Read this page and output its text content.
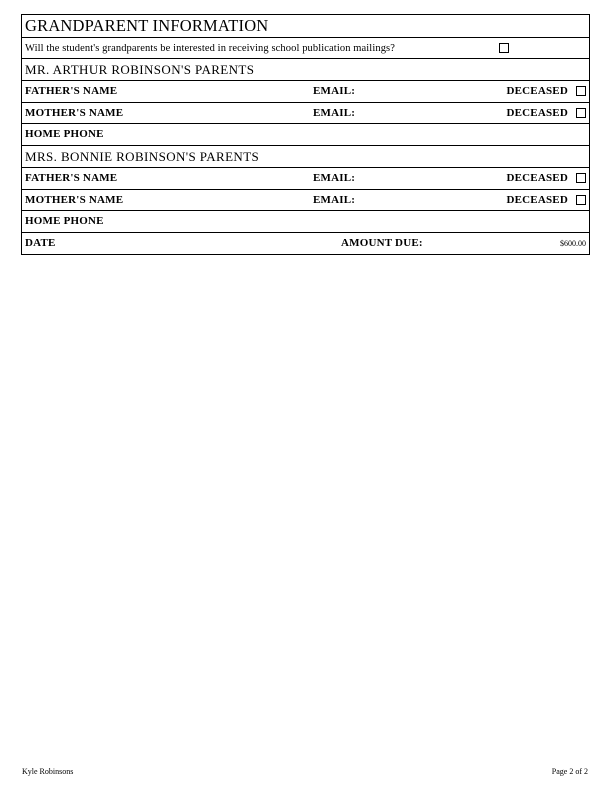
GRANDPARENT INFORMATION
Will the student's grandparents be interested in receiving school publication mailings?
MR. ARTHUR ROBINSON'S PARENTS
FATHER'S NAME	EMAIL:	DECEASED
MOTHER'S NAME	EMAIL:	DECEASED
HOME PHONE
MRS. BONNIE ROBINSON'S PARENTS
FATHER'S NAME	EMAIL:	DECEASED
MOTHER'S NAME	EMAIL:	DECEASED
HOME PHONE
DATE	AMOUNT DUE:	$600.00
Kyle Robinsons	Page 2 of 2
